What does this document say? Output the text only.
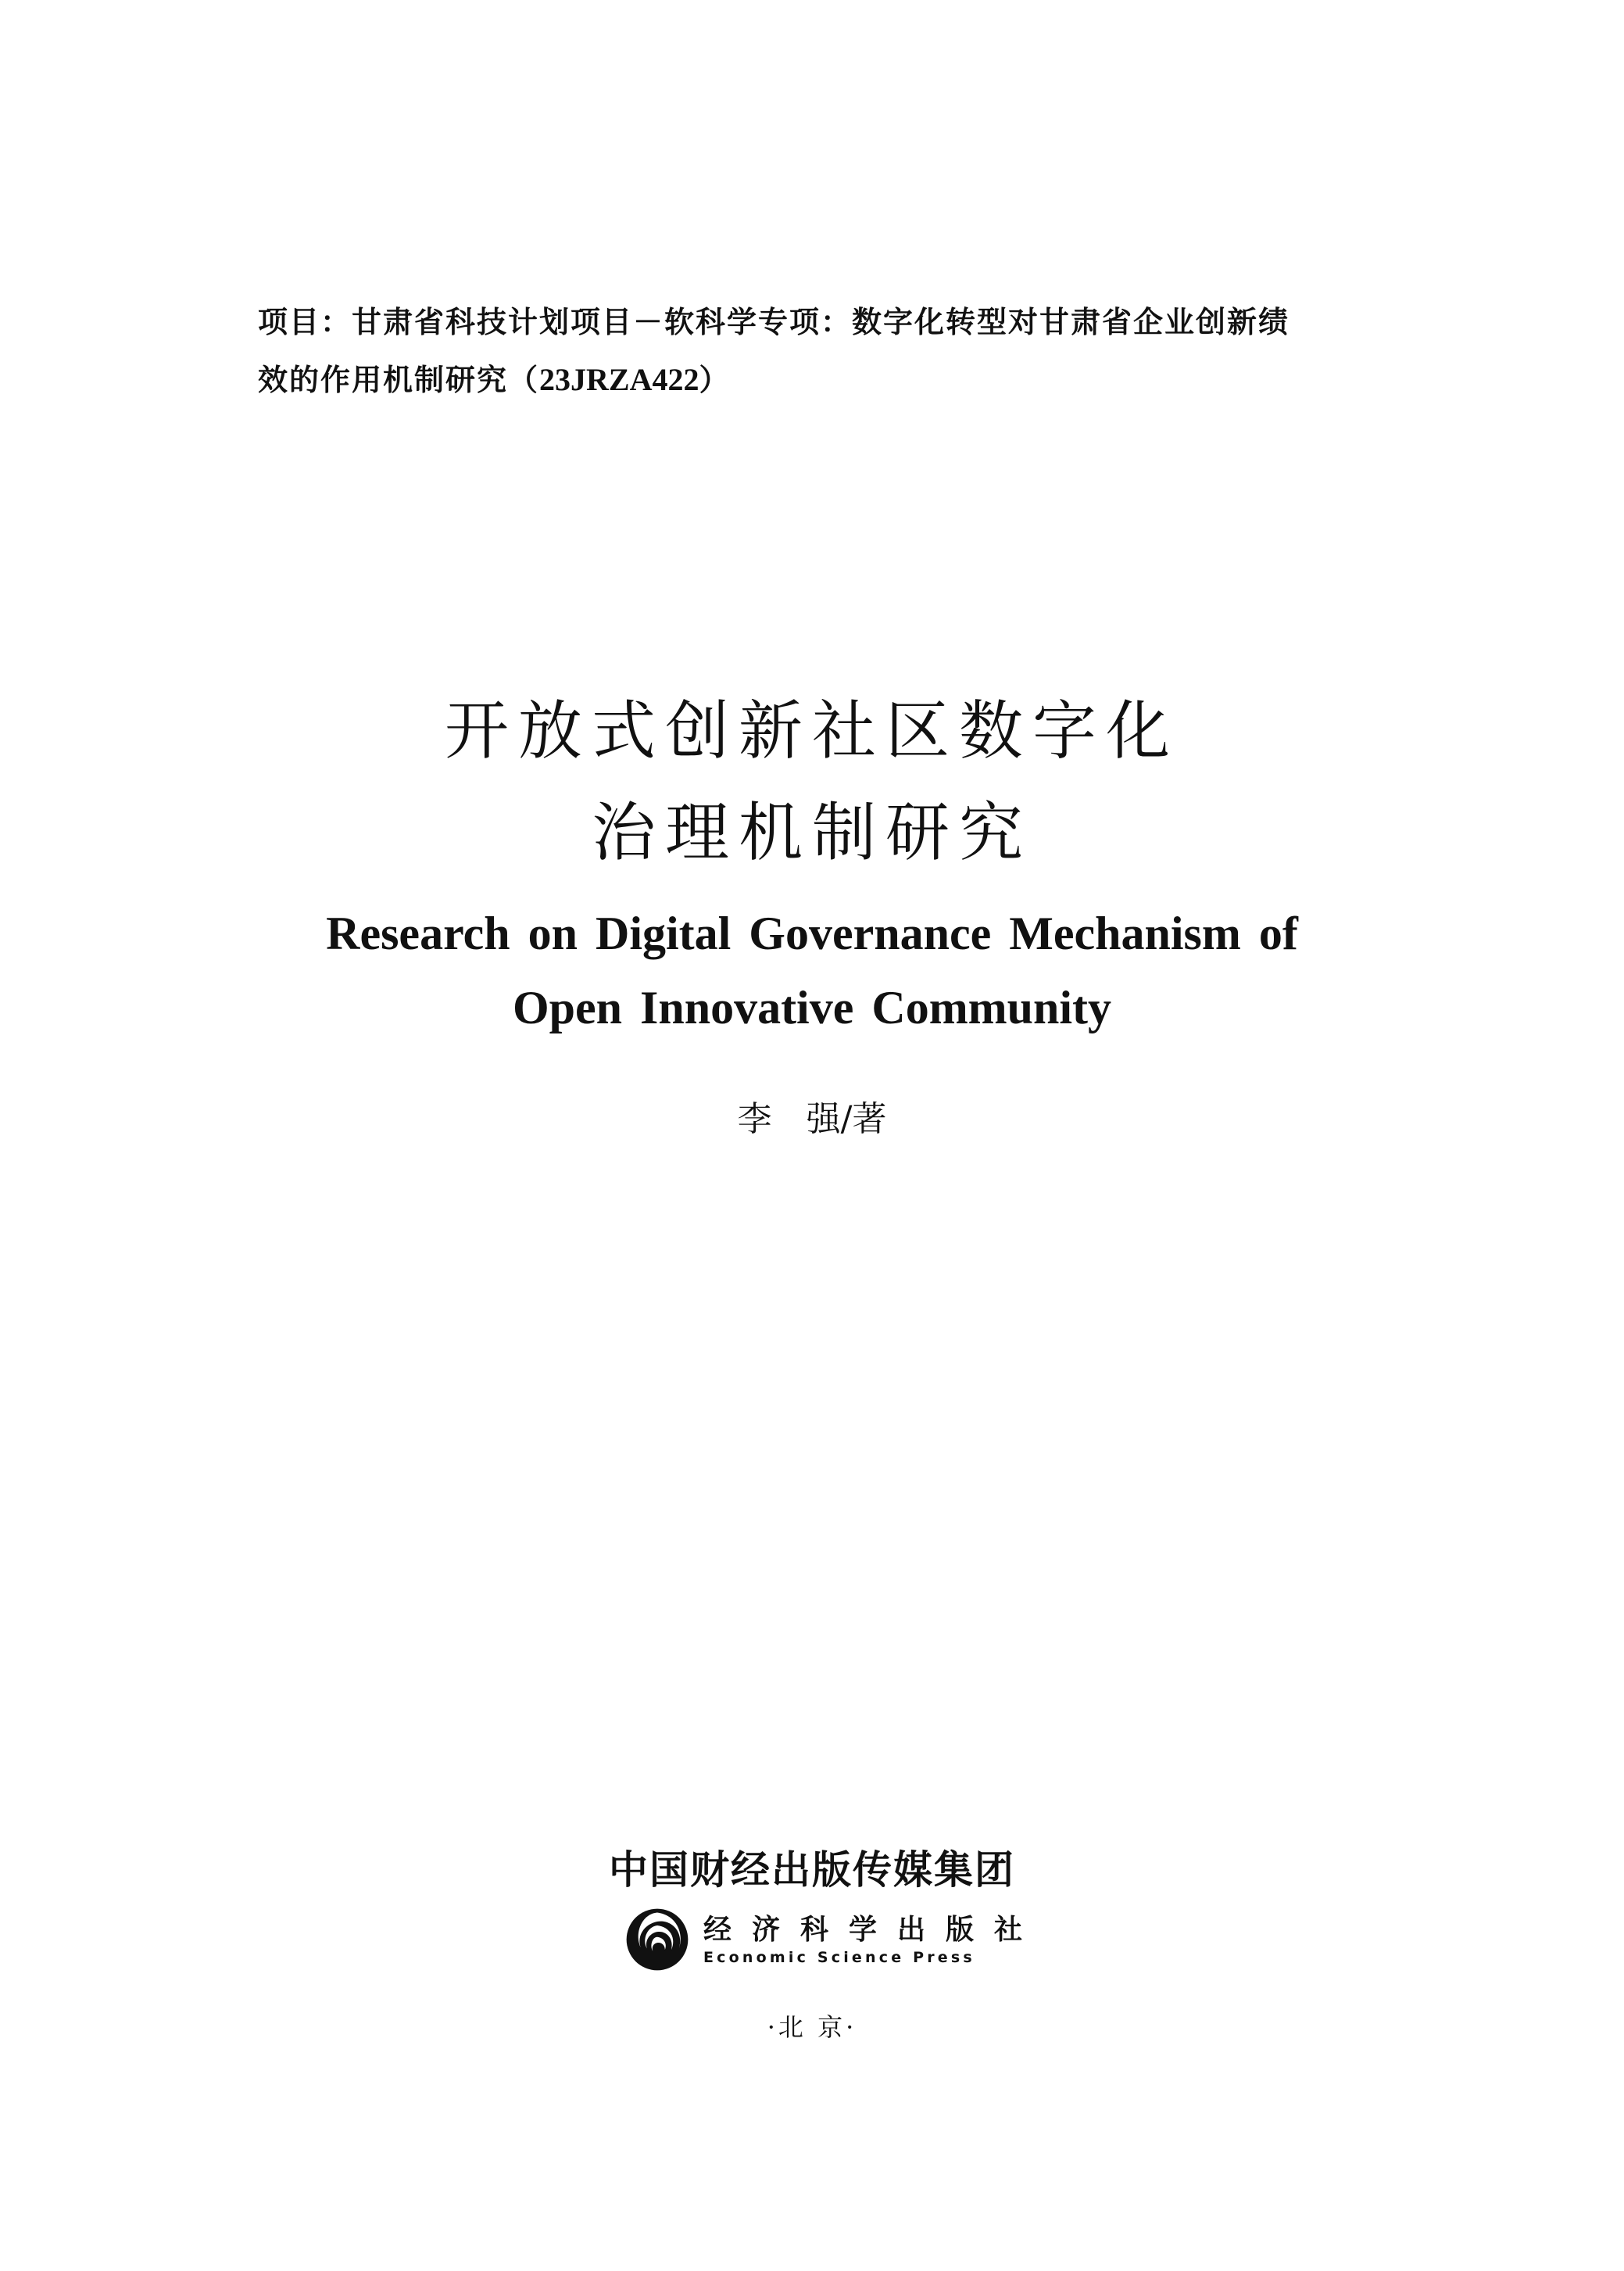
项目：甘肃省科技计划项目－软科学专项：数字化转型对甘肃省企业创新绩
效的作用机制研究（23JRZA422）
开放式创新社区数字化
治理机制研究
Research on Digital Governance Mechanism of
Open Innovative Community
李　强/著
中国财经出版传媒集团
经济科学出版社
Economic Science Press
·北 京·
